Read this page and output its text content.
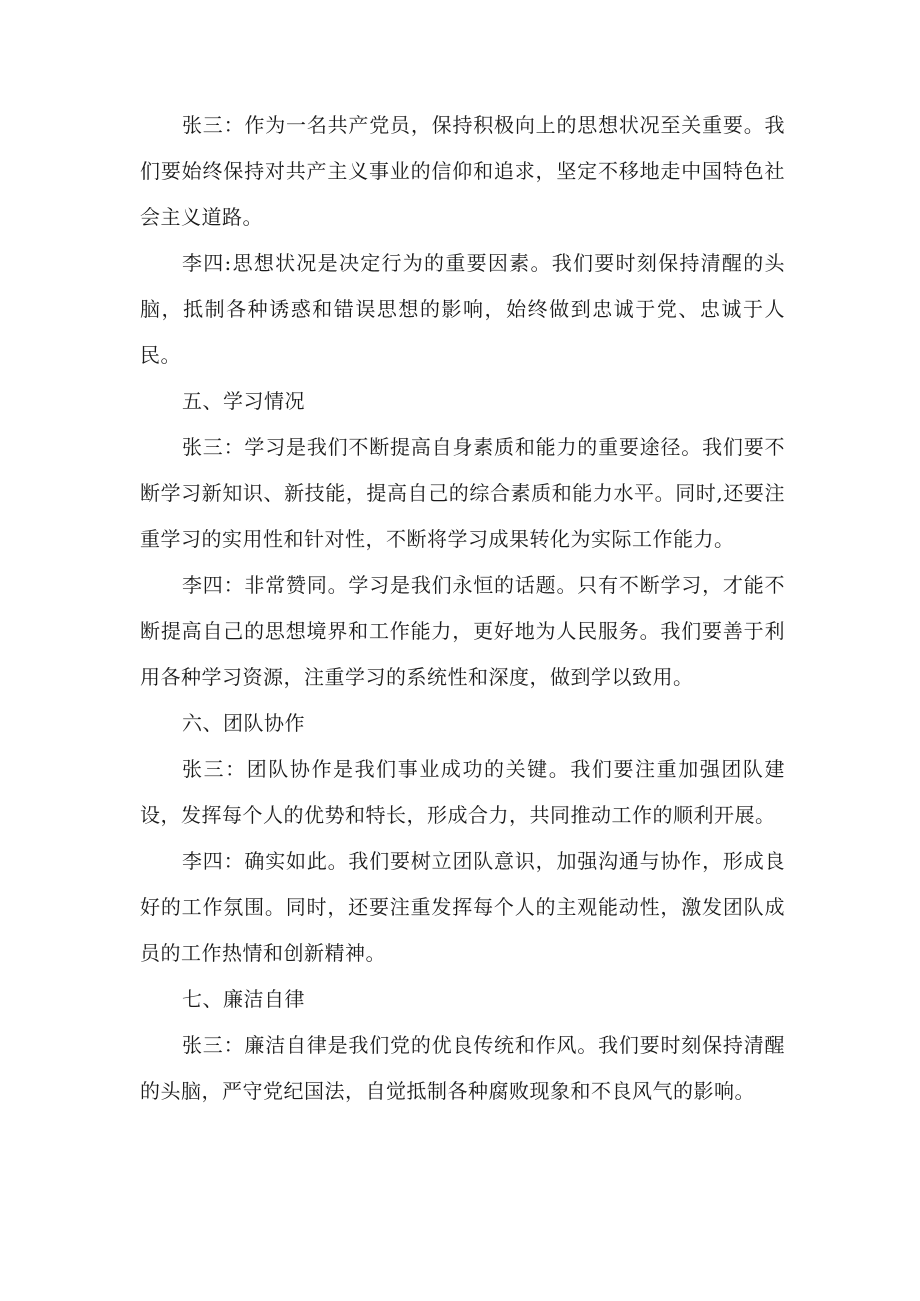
张三：作为一名共产党员，保持积极向上的思想状况至关重要。我们要始终保持对共产主义事业的信仰和追求，坚定不移地走中国特色社会主义道路。

李四:思想状况是决定行为的重要因素。我们要时刻保持清醒的头脑，抵制各种诱惑和错误思想的影响，始终做到忠诚于党、忠诚于人民。

五、学习情况

张三：学习是我们不断提高自身素质和能力的重要途径。我们要不断学习新知识、新技能，提高自己的综合素质和能力水平。同时,还要注重学习的实用性和针对性，不断将学习成果转化为实际工作能力。

李四：非常赞同。学习是我们永恒的话题。只有不断学习，才能不断提高自己的思想境界和工作能力，更好地为人民服务。我们要善于利用各种学习资源，注重学习的系统性和深度，做到学以致用。

六、团队协作

张三：团队协作是我们事业成功的关键。我们要注重加强团队建设，发挥每个人的优势和特长，形成合力，共同推动工作的顺利开展。

李四：确实如此。我们要树立团队意识，加强沟通与协作，形成良好的工作氛围。同时，还要注重发挥每个人的主观能动性，激发团队成员的工作热情和创新精神。

七、廉洁自律

张三：廉洁自律是我们党的优良传统和作风。我们要时刻保持清醒的头脑，严守党纪国法，自觉抵制各种腐败现象和不良风气的影响。
